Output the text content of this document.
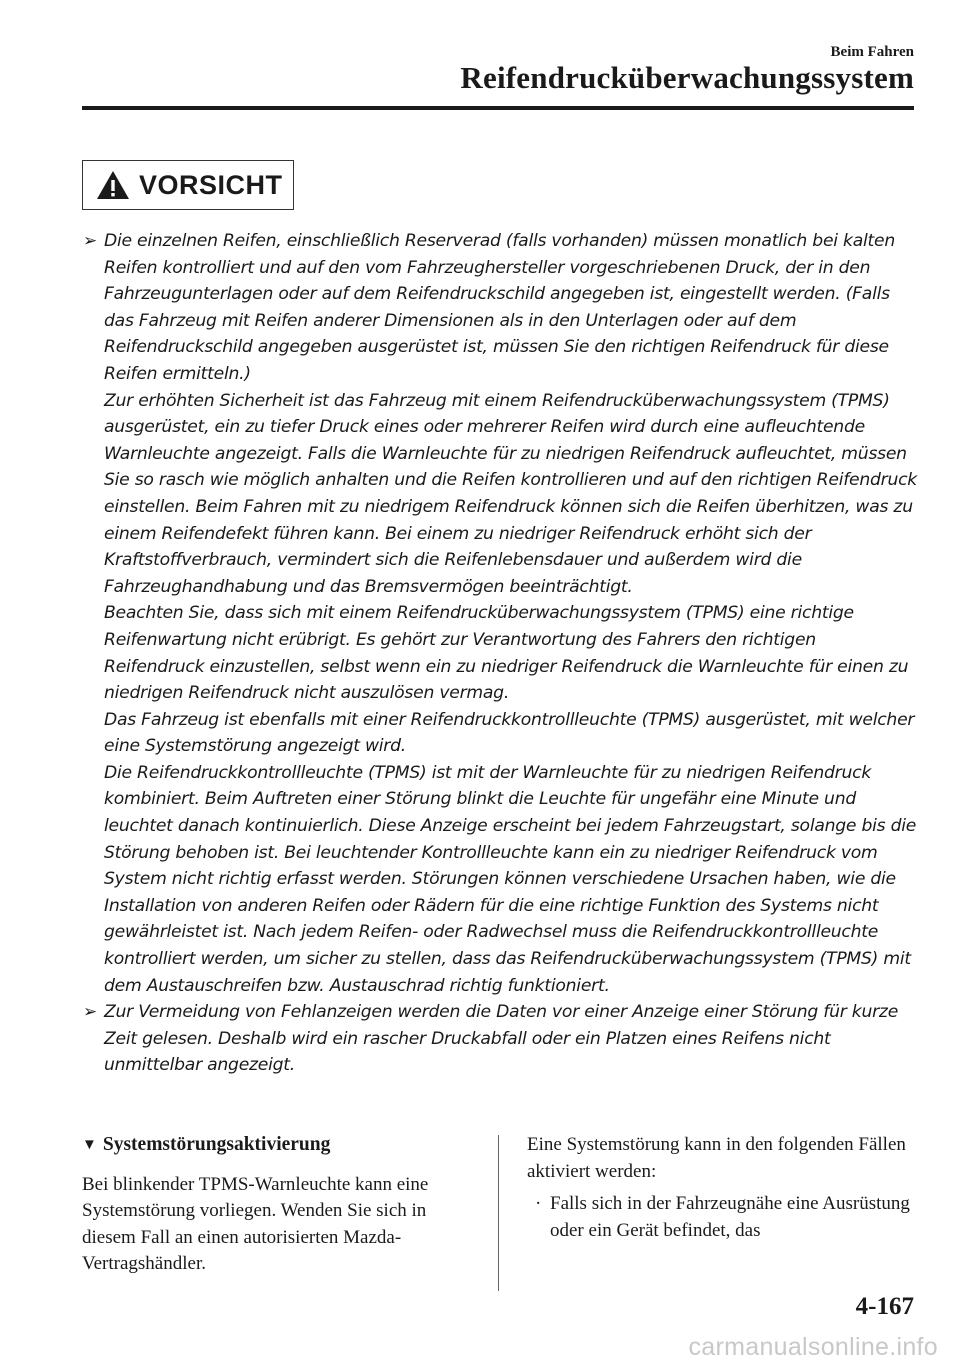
Beim Fahren
Reifendrucküberwachungssystem
VORSICHT
➢ Die einzelnen Reifen, einschließlich Reserverad (falls vorhanden) müssen monatlich bei kalten Reifen kontrolliert und auf den vom Fahrzeughersteller vorgeschriebenen Druck, der in den Fahrzeugunterlagen oder auf dem Reifendruckschild angegeben ist, eingestellt werden. (Falls das Fahrzeug mit Reifen anderer Dimensionen als in den Unterlagen oder auf dem Reifendruckschild angegeben ausgerüstet ist, müssen Sie den richtigen Reifendruck für diese Reifen ermitteln.)

Zur erhöhten Sicherheit ist das Fahrzeug mit einem Reifendrucküberwachungssystem (TPMS) ausgerüstet, ein zu tiefer Druck eines oder mehrerer Reifen wird durch eine aufleuchtende Warnleuchte angezeigt. Falls die Warnleuchte für zu niedrigen Reifendruck aufleuchtet, müssen Sie so rasch wie möglich anhalten und die Reifen kontrollieren und auf den richtigen Reifendruck einstellen. Beim Fahren mit zu niedrigem Reifendruck können sich die Reifen überhitzen, was zu einem Reifendefekt führen kann. Bei einem zu niedriger Reifendruck erhöht sich der Kraftstoffverbrauch, vermindert sich die Reifenlebensdauer und außerdem wird die Fahrzeughandhabung und das Bremsvermögen beeinträchtigt.

Beachten Sie, dass sich mit einem Reifendrucküberwachungssystem (TPMS) eine richtige Reifenwartung nicht erübrigt. Es gehört zur Verantwortung des Fahrers den richtigen Reifendruck einzustellen, selbst wenn ein zu niedriger Reifendruck die Warnleuchte für einen zu niedrigen Reifendruck nicht auszulösen vermag.

Das Fahrzeug ist ebenfalls mit einer Reifendruckkontrollleuchte (TPMS) ausgerüstet, mit welcher eine Systemstörung angezeigt wird.

Die Reifendruckkontrollleuchte (TPMS) ist mit der Warnleuchte für zu niedrigen Reifendruck kombiniert. Beim Auftreten einer Störung blinkt die Leuchte für ungefähr eine Minute und leuchtet danach kontinuierlich. Diese Anzeige erscheint bei jedem Fahrzeugstart, solange bis die Störung behoben ist. Bei leuchtender Kontrollleuchte kann ein zu niedriger Reifendruck vom System nicht richtig erfasst werden. Störungen können verschiedene Ursachen haben, wie die Installation von anderen Reifen oder Rädern für die eine richtige Funktion des Systems nicht gewährleistet ist. Nach jedem Reifen- oder Radwechsel muss die Reifendruckkontrollleuchte kontrolliert werden, um sicher zu stellen, dass das Reifendrucküberwachungssystem (TPMS) mit dem Austauschreifen bzw. Austauschrad richtig funktioniert.

➢ Zur Vermeidung von Fehlanzeigen werden die Daten vor einer Anzeige einer Störung für kurze Zeit gelesen. Deshalb wird ein rascher Druckabfall oder ein Platzen eines Reifens nicht unmittelbar angezeigt.

▼ Systemstörungsaktivierung

Bei blinkender TPMS-Warnleuchte kann eine Systemstörung vorliegen. Wenden Sie sich in diesem Fall an einen autorisierten Mazda-Vertragshändler.

Eine Systemstörung kann in den folgenden Fällen aktiviert werden:

· Falls sich in der Fahrzeugnähe eine Ausrüstung oder ein Gerät befindet, das
4-167
carmanualsonline.info
